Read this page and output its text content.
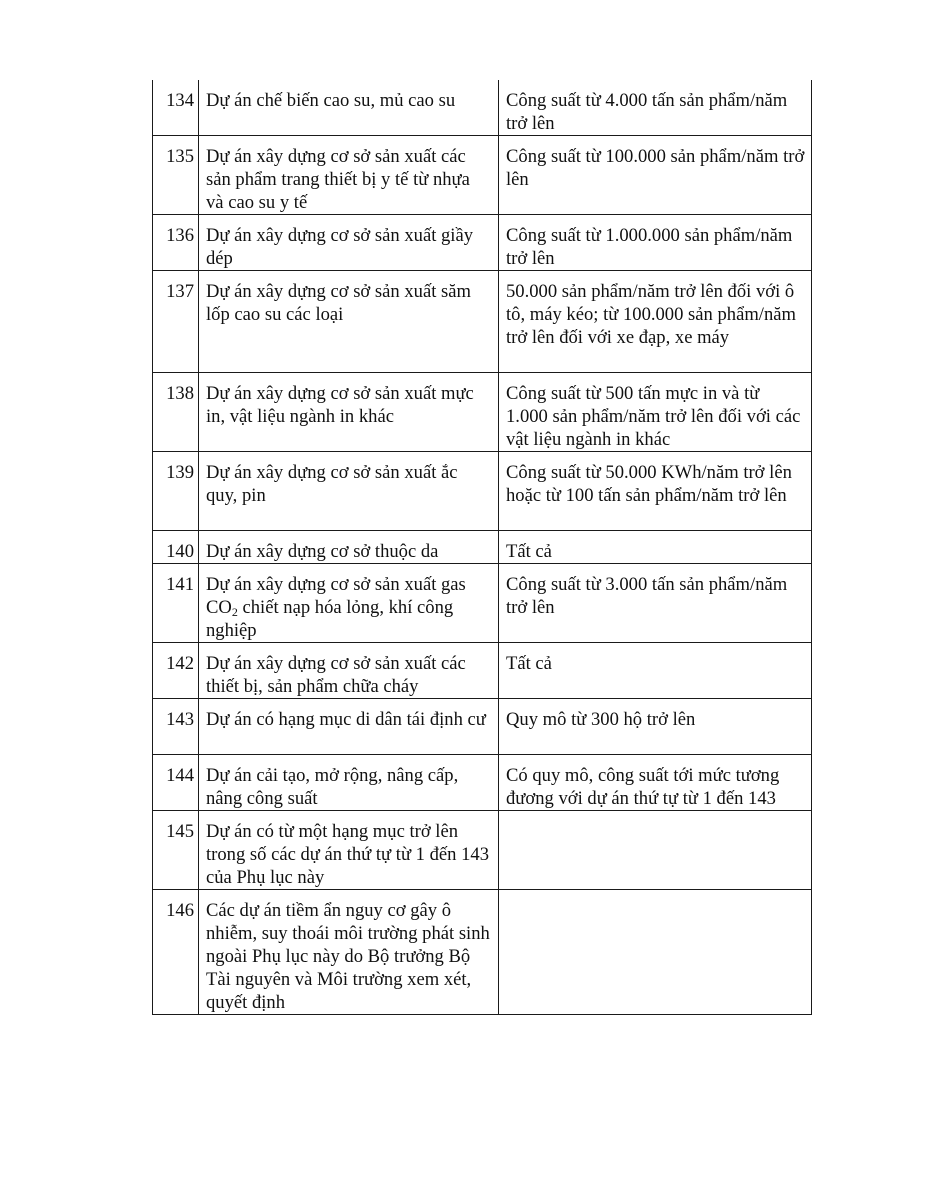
134	Dự án chế biến cao su, mủ cao su	Công suất từ 4.000 tấn sản phẩm/năm trở lên
135	Dự án xây dựng cơ sở sản xuất các sản phẩm trang thiết bị y tế từ nhựa và cao su y tế	Công suất từ 100.000 sản phẩm/năm trở lên
136	Dự án xây dựng cơ sở sản xuất giầy dép	Công suất từ 1.000.000 sản phẩm/năm trở lên
137	Dự án xây dựng cơ sở sản xuất săm lốp cao su các loại	50.000 sản phẩm/năm trở lên đối với ô tô, máy kéo; từ 100.000 sản phẩm/năm trở lên đối với xe đạp, xe máy
138	Dự án xây dựng cơ sở sản xuất mực in, vật liệu ngành in khác	Công suất từ 500 tấn mực in và từ 1.000 sản phẩm/năm trở lên đối với các vật liệu ngành in khác
139	Dự án xây dựng cơ sở sản xuất ắc quy, pin	Công suất từ 50.000 KWh/năm trở lên hoặc từ 100 tấn sản phẩm/năm trở lên
140	Dự án xây dựng cơ sở thuộc da	Tất cả
141	Dự án xây dựng cơ sở sản xuất gas $CO_2$ chiết nạp hóa lỏng, khí công nghiệp	Công suất từ 3.000 tấn sản phẩm/năm trở lên
142	Dự án xây dựng cơ sở sản xuất các thiết bị, sản phẩm chữa cháy	Tất cả
143	Dự án có hạng mục di dân tái định cư	Quy mô từ 300 hộ trở lên
144	Dự án cải tạo, mở rộng, nâng cấp, nâng công suất	Có quy mô, công suất tới mức tương đương với dự án thứ tự từ 1 đến 143
145	Dự án có từ một hạng mục trở lên trong số các dự án thứ tự từ 1 đến 143 của Phụ lục này	
146	Các dự án tiềm ẩn nguy cơ gây ô nhiễm, suy thoái môi trường phát sinh ngoài Phụ lục này do Bộ trưởng Bộ Tài nguyên và Môi trường xem xét, quyết định	
